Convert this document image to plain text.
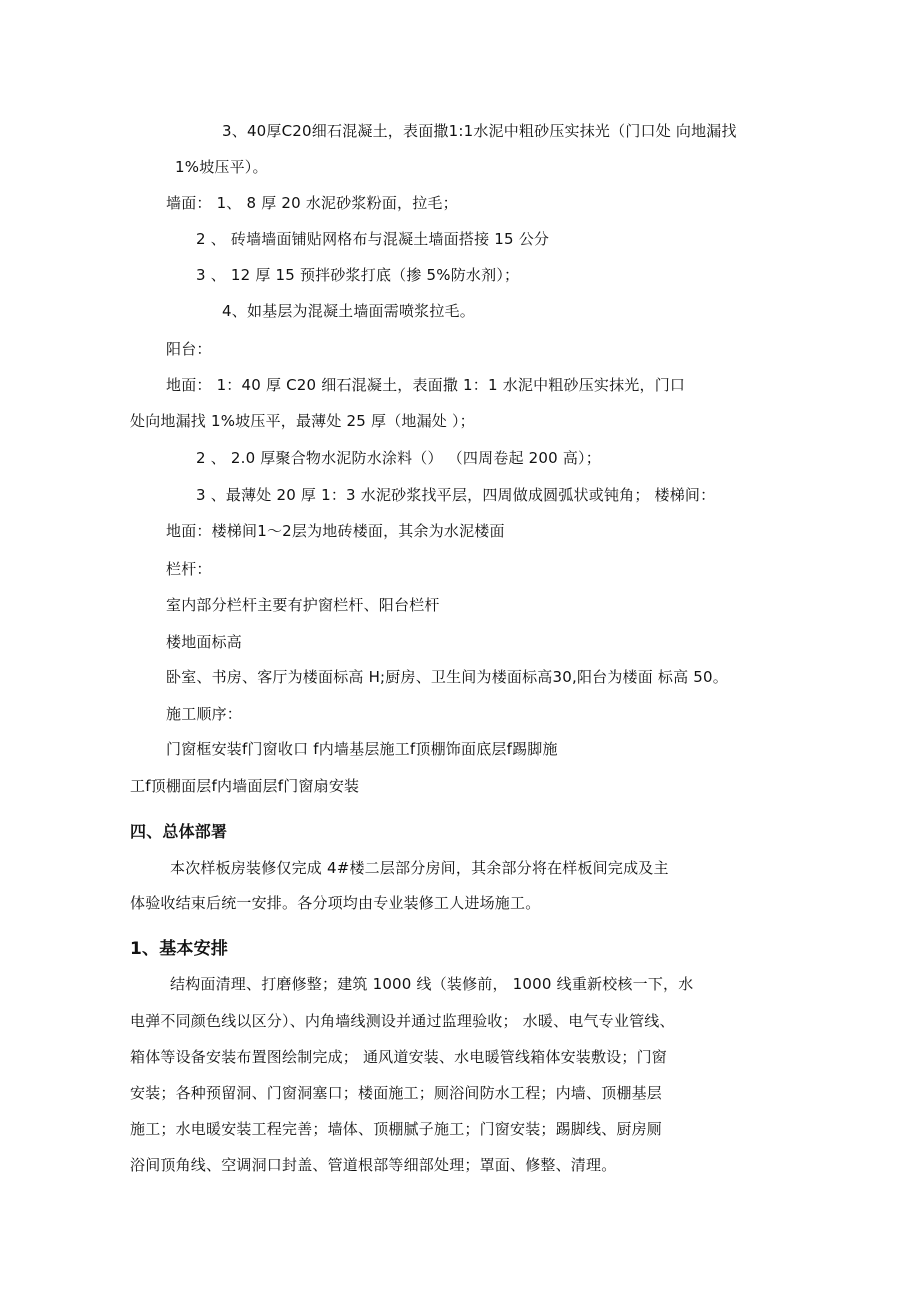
3、40厚C20细石混凝土，表面撒1:1水泥中粗砂压实抹光（门口处 向地漏找
1%坡压平）。
墙面： 1、 8 厚 20 水泥砂浆粉面，拉毛；
2 、 砖墙墙面铺贴网格布与混凝土墙面搭接 15 公分
3 、 12 厚 15 预拌砂浆打底（掺 5%防水剂）；
4、如基层为混凝土墙面需喷浆拉毛。
阳台：
地面： 1：40 厚 C20 细石混凝土，表面撒 1：1 水泥中粗砂压实抹光，门口
处向地漏找 1%坡压平，最薄处 25 厚（地漏处 ）；
2 、 2.0 厚聚合物水泥防水涂料（） （四周卷起 200 高）；
3 、最薄处 20 厚 1：3 水泥砂浆找平层，四周做成圆弧状或钝角； 楼梯间：
地面：楼梯间1～2层为地砖楼面，其余为水泥楼面
栏杆：
室内部分栏杆主要有护窗栏杆、阳台栏杆
楼地面标高
卧室、书房、客厅为楼面标高 H;厨房、卫生间为楼面标高30,阳台为楼面 标高 50。
施工顺序：
门窗框安装f门窗收口 f内墙基层施工f顶棚饰面底层f踢脚施
工f顶棚面层f内墙面层f门窗扇安装
四、总体部署
本次样板房装修仅完成 4#楼二层部分房间，其余部分将在样板间完成及主
体验收结束后统一安排。各分项均由专业装修工人进场施工。
1、基本安排
结构面清理、打磨修整；建筑 1000 线（装修前， 1000 线重新校核一下，水
电弹不同颜色线以区分）、内角墙线测设并通过监理验收； 水暖、电气专业管线、
箱体等设备安装布置图绘制完成； 通风道安装、水电暖管线箱体安装敷设；门窗
安装；各种预留洞、门窗洞塞口；楼面施工；厕浴间防水工程；内墙、顶棚基层
施工；水电暖安装工程完善；墙体、顶棚腻子施工；门窗安装；踢脚线、厨房厕
浴间顶角线、空调洞口封盖、管道根部等细部处理；罩面、修整、清理。
